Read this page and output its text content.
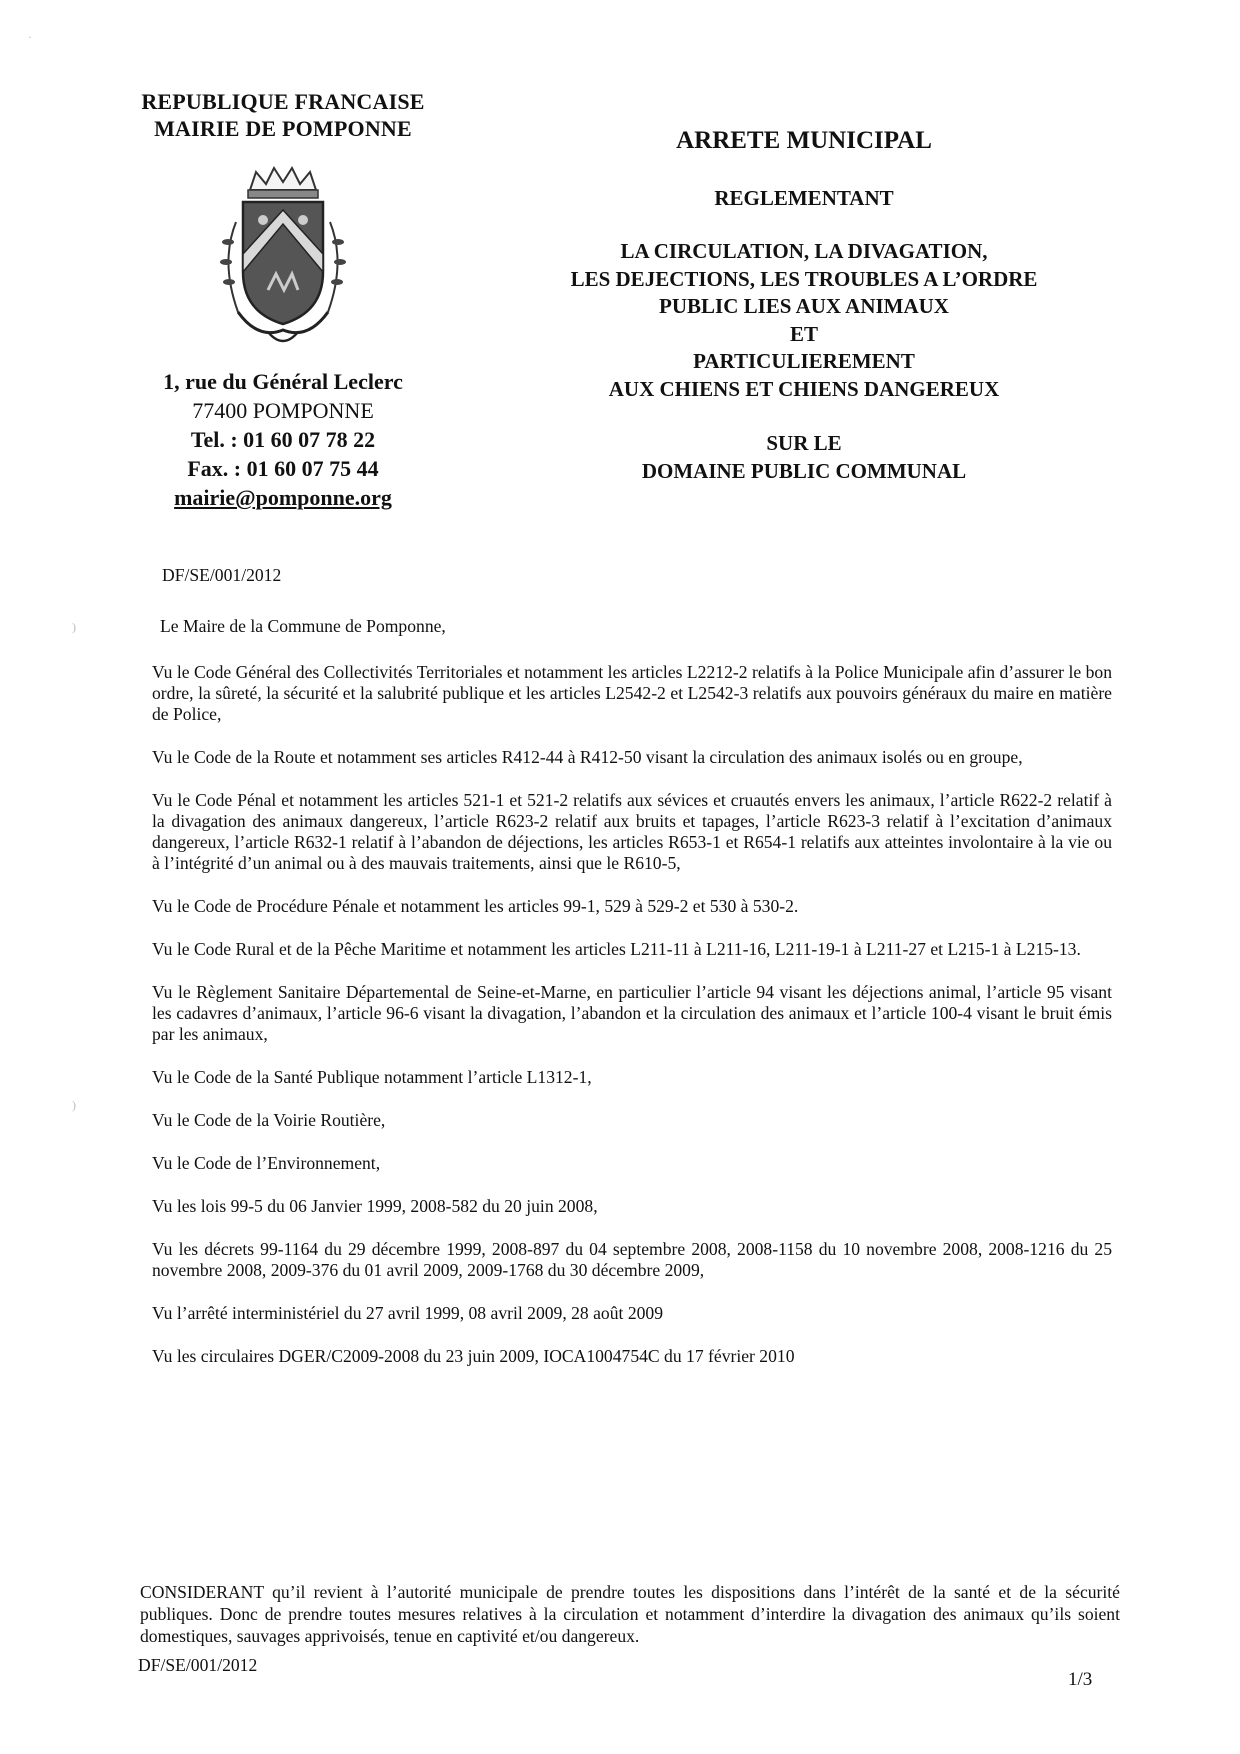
REPUBLIQUE FRANCAISE
MAIRIE DE POMPONNE
1, rue du Général Leclerc
77400 POMPONNE
Tel. : 01 60 07 78 22
Fax. : 01 60 07 75 44
mairie@pomponne.org
ARRETE MUNICIPAL
REGLEMENTANT
LA CIRCULATION, LA DIVAGATION,
LES DEJECTIONS, LES TROUBLES A L’ORDRE
PUBLIC LIES AUX ANIMAUX
ET
PARTICULIEREMENT
AUX CHIENS ET CHIENS DANGEREUX
SUR LE
DOMAINE PUBLIC COMMUNAL
DF/SE/001/2012
Le Maire de la Commune de Pomponne,

Vu le Code Général des Collectivités Territoriales et notamment les articles L2212-2 relatifs à la Police Municipale afin d’assurer le bon ordre, la sûreté, la sécurité et la salubrité publique et les articles L2542-2 et L2542-3 relatifs aux pouvoirs généraux du maire en matière de Police,

Vu le Code de la Route et notamment ses articles R412-44 à R412-50 visant la circulation des animaux isolés ou en groupe,

Vu le Code Pénal et notamment les articles 521-1 et 521-2 relatifs aux sévices et cruautés envers les animaux, l’article R622-2 relatif à la divagation des animaux dangereux, l’article R623-2 relatif aux bruits et tapages, l’article R623-3 relatif à l’excitation d’animaux dangereux, l’article R632-1 relatif à l’abandon de déjections, les articles R653-1 et R654-1 relatifs aux atteintes involontaire à la vie ou à l’intégrité d’un animal ou à des mauvais traitements, ainsi que le R610-5,

Vu le Code de Procédure Pénale et notamment les articles 99-1, 529 à 529-2 et 530 à 530-2.

Vu le Code Rural et de la Pêche Maritime et notamment les articles L211-11 à L211-16, L211-19-1 à L211-27 et L215-1 à L215-13.

Vu le Règlement Sanitaire Départemental de Seine-et-Marne, en particulier l’article 94 visant les déjections animal, l’article 95 visant les cadavres d’animaux, l’article 96-6 visant la divagation, l’abandon et la circulation des animaux et l’article 100-4 visant le bruit émis par les animaux,

Vu le Code de la Santé Publique notamment l’article L1312-1,

Vu le Code de la Voirie Routière,

Vu le Code de l’Environnement,

Vu les lois 99-5 du 06 Janvier 1999, 2008-582 du 20 juin 2008,

Vu les décrets 99-1164 du 29 décembre 1999, 2008-897 du 04 septembre 2008, 2008-1158 du 10 novembre 2008, 2008-1216 du 25 novembre 2008, 2009-376 du 01 avril 2009, 2009-1768 du 30 décembre 2009,

Vu l’arrêté interministériel du 27 avril 1999, 08 avril 2009, 28 août 2009

Vu les circulaires DGER/C2009-2008 du 23 juin 2009, IOCA1004754C du 17 février 2010

CONSIDERANT qu’il revient à l’autorité municipale de prendre toutes les dispositions dans l’intérêt de la santé et de la sécurité publiques. Donc de prendre toutes mesures relatives à la circulation et notamment d’interdire la divagation des animaux qu’ils soient domestiques, sauvages apprivoisés, tenue en captivité et/ou dangereux.

DF/SE/001/2012
1/3
·
)
)
